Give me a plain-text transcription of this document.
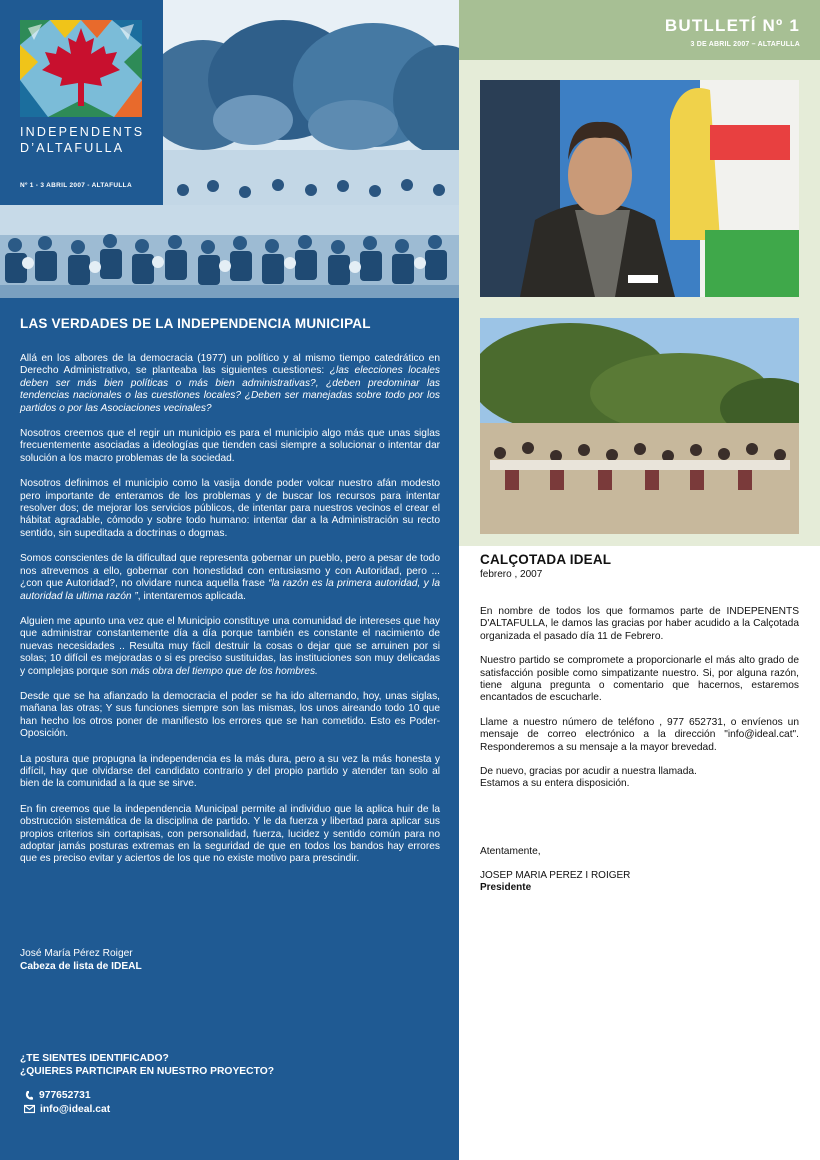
INDEPENDENTS
D’ALTAFULLA
Nº 1 - 3 ABRIL 2007 - ALTAFULLA
LAS VERDADES DE LA INDEPENDENCIA MUNICIPAL

Allá en los albores de la democracia (1977) un político y al mismo tiempo catedrático en Derecho Administrativo, se planteaba las siguientes cuestiones: ¿las elecciones locales deben ser más bien políticas o más bien administrativas?, ¿deben predominar las tendencias nacionales o las cuestiones locales? ¿Deben ser manejadas sobre todo por los partidos o por las Asociaciones vecinales?

Nosotros creemos que el regir un municipio es para el municipio algo más que unas siglas frecuentemente asociadas a ideologías que tienden casi siempre a solucionar o intentar dar solución a los macro problemas de la sociedad.

Nosotros definimos el municipio como la vasija donde poder volcar nuestro afán modesto pero importante de enteramos de los problemas y de buscar los recursos para intentar resolver dos; de mejorar los servicios públicos, de intentar para nuestros vecinos el crear el hábitat agradable, cómodo y sobre todo humano: intentar dar a la Administración su recto sentido, sin supeditada a doctrinas o dogmas.

Somos conscientes de la dificultad que representa gobernar un pueblo, pero a pesar de todo nos atrevemos a ello, gobernar con honestidad con entusiasmo y con Autoridad, pero ... ¿con que Autoridad?, no olvidare nunca aquella frase “la razón es la primera autoridad, y la autoridad la ultima razón ”, intentaremos aplicada.

Alguien me apunto una vez que el Municipio constituye una comunidad de intereses que hay que administrar constantemente día a día porque también es constante el nacimiento de nuevas necesidades .. Resulta muy fácil destruir la cosas o dejar que se arruinen por si solas; 10 difícil es mejoradas o si es preciso sustituidas, las instituciones son muy delicadas y complejas porque son más obra del tiempo que de los hombres.

Desde que se ha afianzado la democracia el poder se ha ido alternando, hoy, unas siglas, mañana las otras; Y sus funciones siempre son las mismas, los unos aireando todo 10 que han hecho los otros poner de manifiesto los errores que se han cometido. Esto es Poder-Oposición.

La postura que propugna la independencia es la más dura, pero a su vez la más honesta y difícil, hay que olvidarse del candidato contrario y del propio partido y atender tan solo al bien de la comunidad a la que se sirve.

En fin creemos que la independencia Municipal permite al individuo que la aplica huir de la obstrucción sistemática de la disciplina de partido. Y le da fuerza y libertad para aplicar sus propios criterios sin cortapisas, con personalidad, fuerza, lucidez y sentido común para no adoptar jamás posturas extremas en la seguridad de que en todos los bandos hay errores que es preciso evitar y aciertos de los que no existe motivo para prescindir.

José María Pérez Roiger
Cabeza de lista de IDEAL
¿TE SIENTES IDENTIFICADO?
¿QUIERES PARTICIPAR EN NUESTRO PROYECTO?
977652731
info@ideal.cat
BUTLLETÍ Nº 1
3 DE ABRIL 2007 – ALTAFULLA
CALÇOTADA IDEAL
febrero , 2007

En nombre de todos los que formamos parte de INDEPENENTS D'ALTAFULLA, le damos las gracias por haber acudido a la Calçotada organizada el pasado día 11 de Febrero.

Nuestro partido se compromete a proporcionarle el más alto grado de satisfacción posible como simpatizante nuestro. Si, por alguna razón, tiene alguna pregunta o comentario que hacernos, estaremos encantados de escucharle.

Llame a nuestro número de teléfono , 977 652731, o envíenos un mensaje de correo electrónico a la dirección "info@ideal.cat". Responderemos a su mensaje a la mayor brevedad.

De nuevo, gracias por acudir a nuestra llamada.
Estamos a su entera disposición.

Atentamente,
JOSEP MARIA PEREZ I ROIGER
Presidente
